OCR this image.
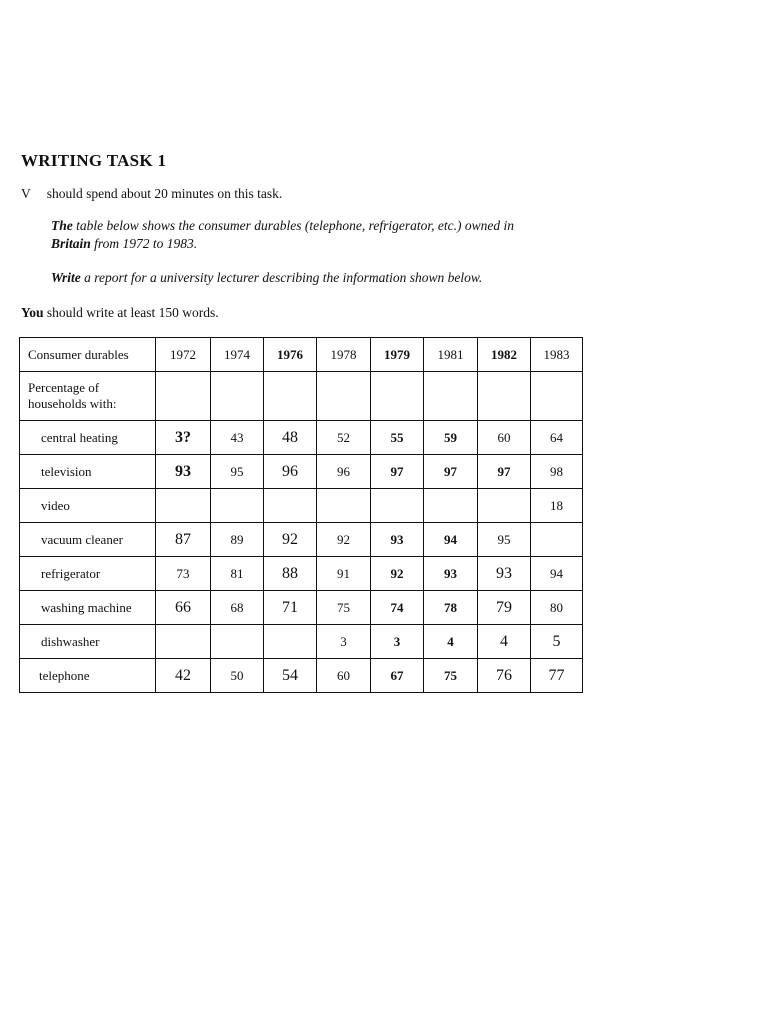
WRITING TASK 1

V should spend about 20 minutes on this task.

The table below shows the consumer durables (telephone, refrigerator, etc.) owned in

Britain from 1972 to 1983.

Write a report for a university lecturer describing the information shown below.

You should write at least 150 words.

Consumer durables	1972	1974	1976	1978	1979	1981	1982	1983
Percentage of households with:								
central heating	3?	43	48	52	55	59	60	64
television	93	95	96	96	97	97	97	98
video								18
vacuum cleaner	87	89	92	92	93	94	95	
refrigerator	73	81	88	91	92	93	93	94
washing machine	66	68	71	75	74	78	79	80
dishwasher				3	3	4	4	5
telephone	42	50	54	60	67	75	76	77
